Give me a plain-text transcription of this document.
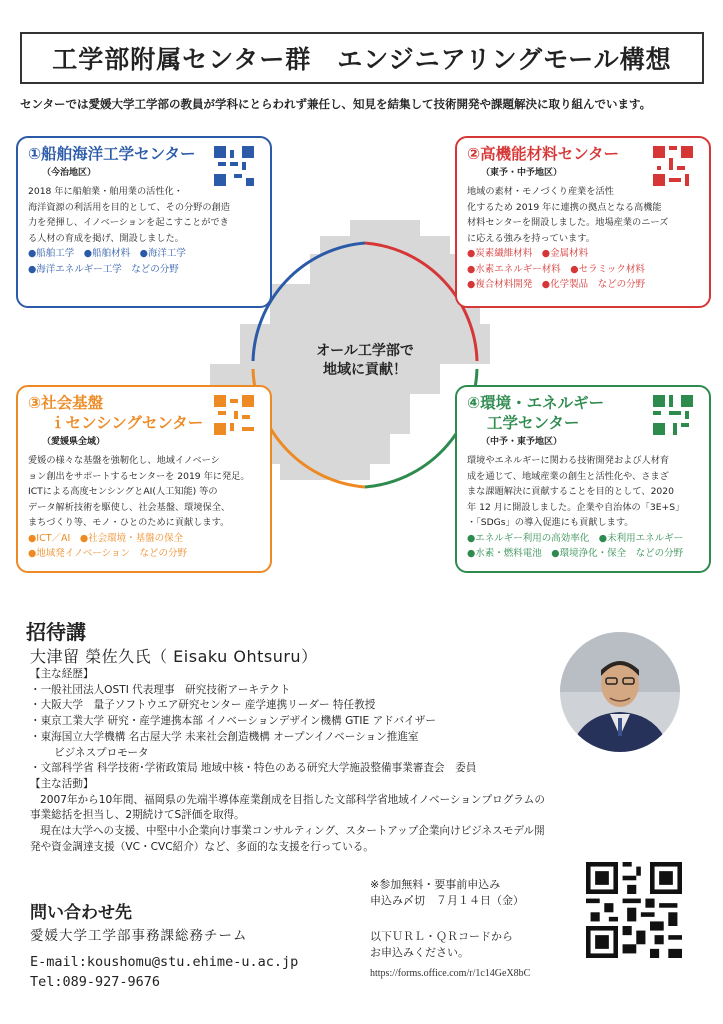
工学部附属センター群　エンジニアリングモール構想
センターでは愛媛大学工学部の教員が学科にとらわれず兼任し、知見を結集して技術開発や課題解決に取り組んでいます。
オール工学部で
地域に貢献！
①船舶海洋工学センター
（今治地区）
2018 年に船舶業・舶用業の活性化・
海洋資源の利活用を目的として、その分野の創造
力を発揮し、イノベーションを起こすことができ
る人材の育成を掲げ、開設しました。
●船舶工学　●船舶材料　●海洋工学
●海洋エネルギー工学　などの分野
②高機能材料センター
（東予・中予地区）
地域の素材・モノづくり産業を活性
化するため 2019 年に連携の拠点となる高機能
材料センターを開設しました。地場産業のニーズ
に応える強みを持っています。
●炭素繊維材料　●金属材料
●水素エネルギー材料　●セラミック材料
●複合材料開発　●化学製品　などの分野
③社会基盤
ｉセンシングセンター
（愛媛県全域）
愛媛の様々な基盤を強靭化し、地域イノベーシ
ョン創出をサポートするセンターを 2019 年に発足。
ICTによる高度センシングとAI(人工知能) 等の
データ解析技術を駆使し、社会基盤、環境保全、
まちづくり等、モノ・ひとのために貢献します。
●ICT／AI　●社会環境・基盤の保全
●地域発イノベーション　などの分野
④環境・エネルギー
工学センター
（中予・東予地区）
環境やエネルギーに関わる技術開発および人材育
成を通じて、地域産業の創生と活性化や、さまざ
まな課題解決に貢献することを目的として、2020
年 12 月に開設しました。企業や自治体の「3E+S」
・「SDGs」の導入促進にも貢献します。
●エネルギー利用の高効率化　●未利用エネルギー
●水素・燃料電池　●環境浄化・保全　などの分野
招待講
大津留 榮佐久氏（ Eisaku Ohtsuru）
【主な経歴】
・一般社団法人OSTI 代表理事　研究技術アーキテクト
・大阪大学　量子ソフトウエア研究センター 産学連携リーダー 特任教授
・東京工業大学 研究・産学連携本部 イノベーションデザイン機構 GTIE アドバイザー
・東海国立大学機構 名古屋大学 未来社会創造機構 オープンイノベーション推進室
ビジネスプロモータ
・文部科学省 科学技術･学術政策局 地域中核・特色のある研究大学施設整備事業審査会　委員
【主な活動】
2007年から10年間、福岡県の先端半導体産業創成を目指した文部科学省地域イノベーションプログラムの
事業総括を担当し、2期続けてS評価を取得。
現在は大学への支援、中堅中小企業向け事業コンサルティング、スタートアップ企業向けビジネスモデル開
発や資金調達支援（VC・CVC紹介）など、多面的な支援を行っている。
問い合わせ先
愛媛大学工学部事務課総務チーム
E-mail:koushomu@stu.ehime-u.ac.jp
Tel:089-927-9676
※参加無料・要事前申込み
申込み〆切　７月１４日（金）
以下ＵＲＬ・ＱＲコードから
お申込みください。
https://forms.office.com/r/1c14GeX8bC
